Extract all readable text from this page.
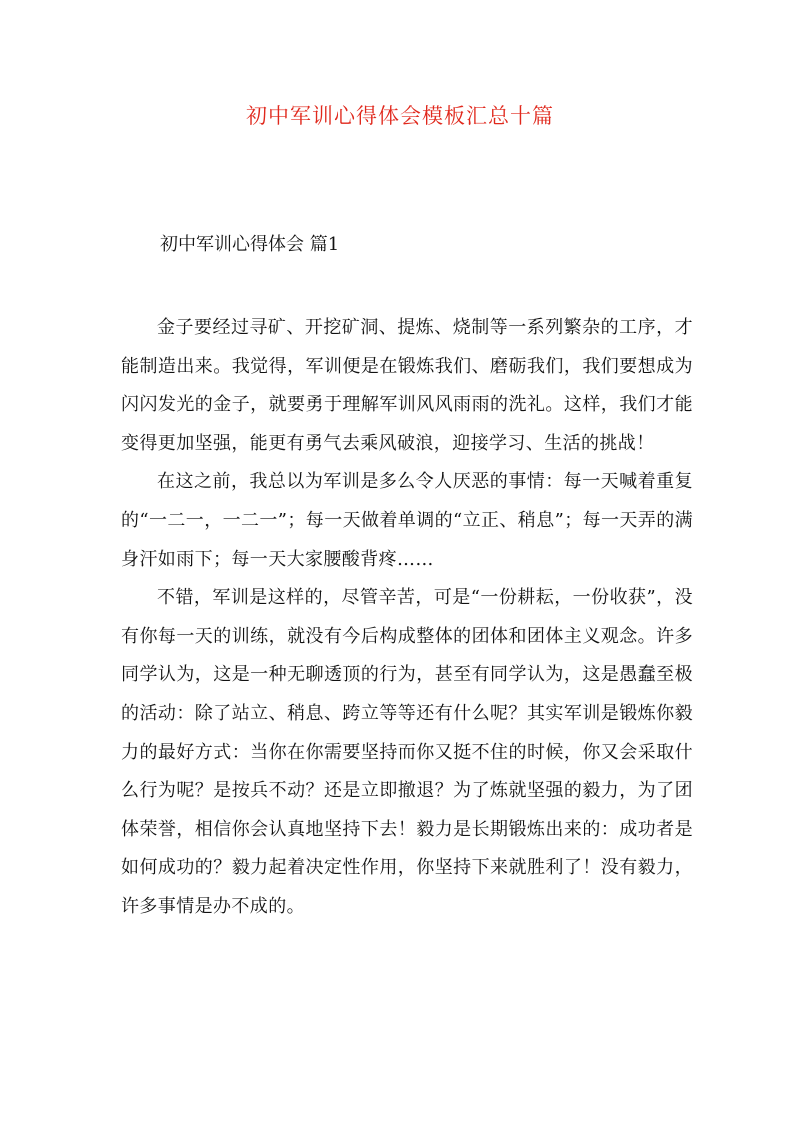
初中军训心得体会模板汇总十篇
初中军训心得体会 篇1

金子要经过寻矿、开挖矿洞、提炼、烧制等一系列繁杂的工序，才能制造出来。我觉得，军训便是在锻炼我们、磨砺我们，我们要想成为闪闪发光的金子，就要勇于理解军训风风雨雨的洗礼。这样，我们才能变得更加坚强，能更有勇气去乘风破浪，迎接学习、生活的挑战！

在这之前，我总以为军训是多么令人厌恶的事情：每一天喊着重复的“一二一，一二一”；每一天做着单调的“立正、稍息”；每一天弄的满身汗如雨下；每一天大家腰酸背疼……

不错，军训是这样的，尽管辛苦，可是“一份耕耘，一份收获”，没有你每一天的训练，就没有今后构成整体的团体和团体主义观念。许多同学认为，这是一种无聊透顶的行为，甚至有同学认为，这是愚蠢至极的活动：除了站立、稍息、跨立等等还有什么呢？其实军训是锻炼你毅力的最好方式：当你在你需要坚持而你又挺不住的时候，你又会采取什么行为呢？是按兵不动？还是立即撤退？为了炼就坚强的毅力，为了团体荣誉，相信你会认真地坚持下去！毅力是长期锻炼出来的：成功者是如何成功的？毅力起着决定性作用，你坚持下来就胜利了！没有毅力，许多事情是办不成的。
